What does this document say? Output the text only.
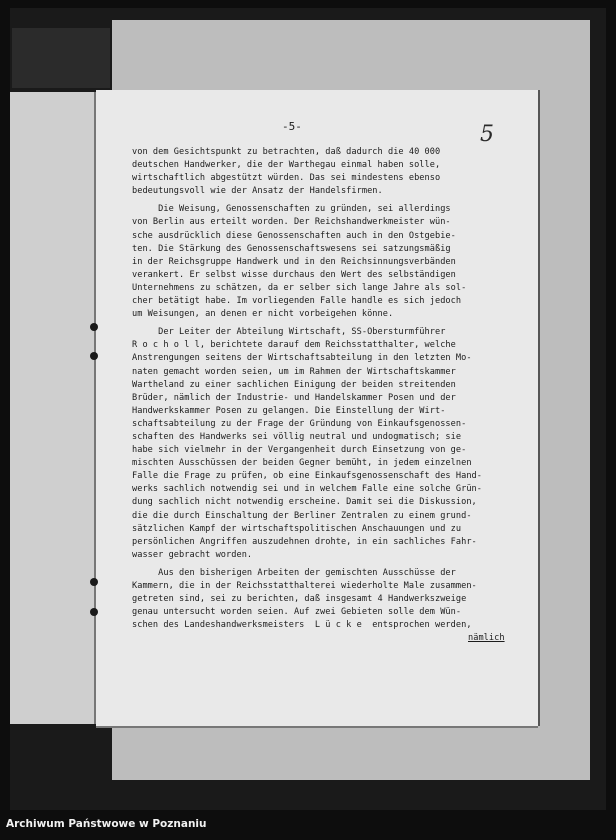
-5-	5
von dem Gesichtspunkt zu betrachten, daß dadurch die 40 000
deutschen Handwerker, die der Warthegau einmal haben solle,
wirtschaftlich abgestützt würden. Das sei mindestens ebenso
bedeutungsvoll wie der Ansatz der Handelsfirmen.
Die Weisung, Genossenschaften zu gründen, sei allerdings
von Berlin aus erteilt worden. Der Reichshandwerkmeister wün-
sche ausdrücklich diese Genossenschaften auch in den Ostgebie-
ten. Die Stärkung des Genossenschaftswesens sei satzungsmäßig
in der Reichsgruppe Handwerk und in den Reichsinnungsverbänden
verankert. Er selbst wisse durchaus den Wert des selbständigen
Unternehmens zu schätzen, da er selber sich lange Jahre als sol-
cher betätigt habe. Im vorliegenden Falle handle es sich jedoch
um Weisungen, an denen er nicht vorbeigehen könne.
Der Leiter der Abteilung Wirtschaft, SS-Obersturmführer
R o c h o l l, berichtete darauf dem Reichsstatthalter, welche
Anstrengungen seitens der Wirtschaftsabteilung in den letzten Mo-
naten gemacht worden seien, um im Rahmen der Wirtschaftskammer
Wartheland zu einer sachlichen Einigung der beiden streitenden
Brüder, nämlich der Industrie- und Handelskammer Posen und der
Handwerkskammer Posen zu gelangen. Die Einstellung der Wirt-
schaftsabteilung zu der Frage der Gründung von Einkaufsgenossen-
schaften des Handwerks sei völlig neutral und undogmatisch; sie
habe sich vielmehr in der Vergangenheit durch Einsetzung von ge-
mischten Ausschüssen der beiden Gegner bemüht, in jedem einzelnen
Falle die Frage zu prüfen, ob eine Einkaufsgenossenschaft des Hand-
werks sachlich notwendig sei und in welchem Falle eine solche Grün-
dung sachlich nicht notwendig erscheine. Damit sei die Diskussion,
die die durch Einschaltung der Berliner Zentralen zu einem grund-
sätzlichen Kampf der wirtschaftspolitischen Anschauungen und zu
persönlichen Angriffen auszudehnen drohte, in ein sachliches Fahr-
wasser gebracht worden.
Aus den bisherigen Arbeiten der gemischten Ausschüsse der
Kammern, die in der Reichsstatthalterei wiederholte Male zusammen-
getreten sind, sei zu berichten, daß insgesamt 4 Handwerkszweige
genau untersucht worden seien. Auf zwei Gebieten solle dem Wün-
schen des Landeshandwerksmeisters  L ü c k e  entsprochen werden,
nämlich
Archiwum Państwowe w Poznaniu
